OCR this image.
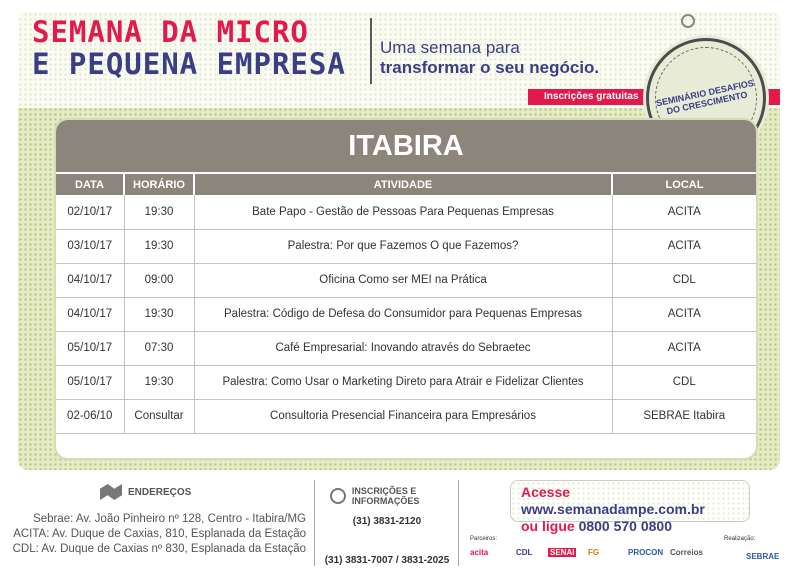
SEMANA DA MICRO
E PEQUENA EMPRESA Uma semana para
transformar o seu negócio.
Inscrições gratuitas	SEMINÁRIO DESAFIOS DO CRESCIMENTO
ITABIRA
DATA	HORÁRIO	ATIVIDADE	LOCAL
02/10/17	19:30	Bate Papo - Gestão de Pessoas Para Pequenas Empresas	ACITA
03/10/17	19:30	Palestra: Por que Fazemos O que Fazemos?	ACITA
04/10/17	09:00	Oficina Como ser MEI na Prática	CDL
04/10/17	19:30	Palestra: Código de Defesa do Consumidor para Pequenas Empresas	ACITA
05/10/17	07:30	Café Empresarial: Inovando através do Sebraetec	ACITA
05/10/17	19:30	Palestra: Como Usar o Marketing Direto para Atrair e Fidelizar Clientes	CDL
02-06/10	Consultar	Consultoria Presencial Financeira para Empresários	SEBRAE Itabira
ENDEREÇOS
Sebrae: Av. João Pinheiro nº 128, Centro - Itabira/MG
ACITA: Av. Duque de Caxias, 810, Esplanada da Estação
CDL: Av. Duque de Caxias nº 830, Esplanada da Estação
INSCRIÇÕES E INFORMAÇÕES
(31) 3831-2120
(31) 3831-7007 / 3831-2025
Acesse www.semanadampe.com.br
ou ligue 0800 570 0800
Parceiros:
acita	CDL SENAI FG	PROCON Correios
Realização:
SEBRAE
